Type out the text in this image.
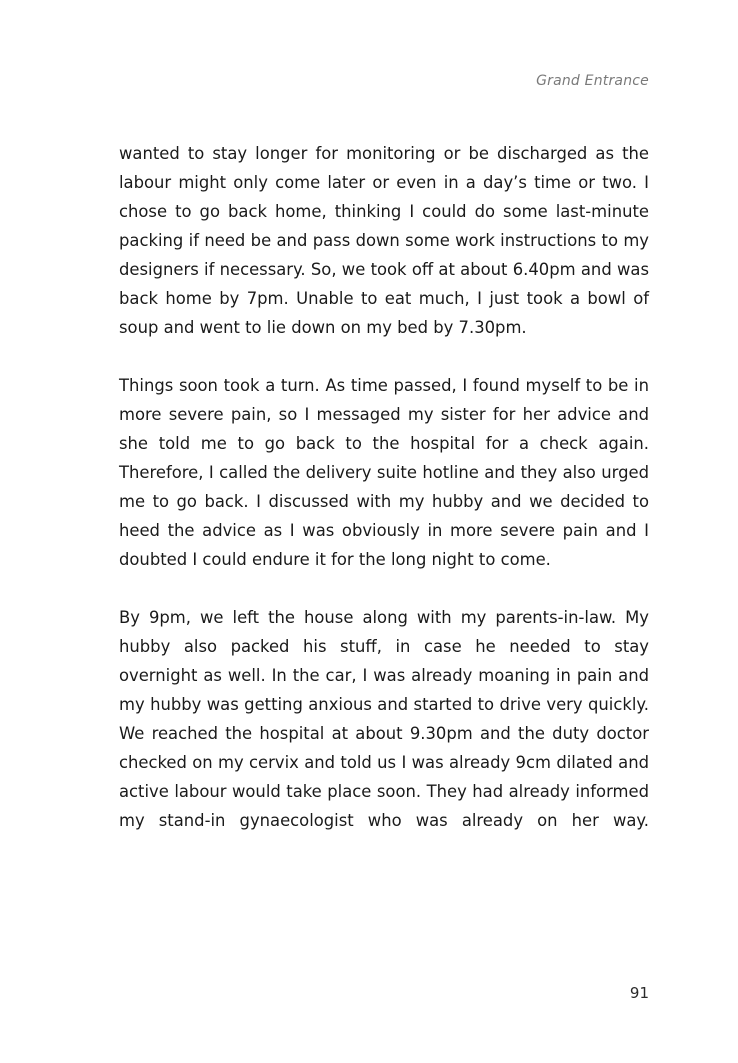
Grand Entrance

wanted to stay longer for monitoring or be discharged as the labour might only come later or even in a day’s time or two. I chose to go back home, thinking I could do some last-minute packing if need be and pass down some work instructions to my designers if necessary. So, we took off at about 6.40pm and was back home by 7pm. Unable to eat much, I just took a bowl of soup and went to lie down on my bed by 7.30pm.

Things soon took a turn. As time passed, I found myself to be in more severe pain, so I messaged my sister for her advice and she told me to go back to the hospital for a check again. Therefore, I called the delivery suite hotline and they also urged me to go back. I discussed with my hubby and we decided to heed the advice as I was obviously in more severe pain and I doubted I could endure it for the long night to come.

By 9pm, we left the house along with my parents-in-law. My hubby also packed his stuff, in case he needed to stay overnight as well. In the car, I was already moaning in pain and my hubby was getting anxious and started to drive very quickly. We reached the hospital at about 9.30pm and the duty doctor checked on my cervix and told us I was already 9cm dilated and active labour would take place soon. They had already informed my stand-in gynaecologist who was already on her way.

91
